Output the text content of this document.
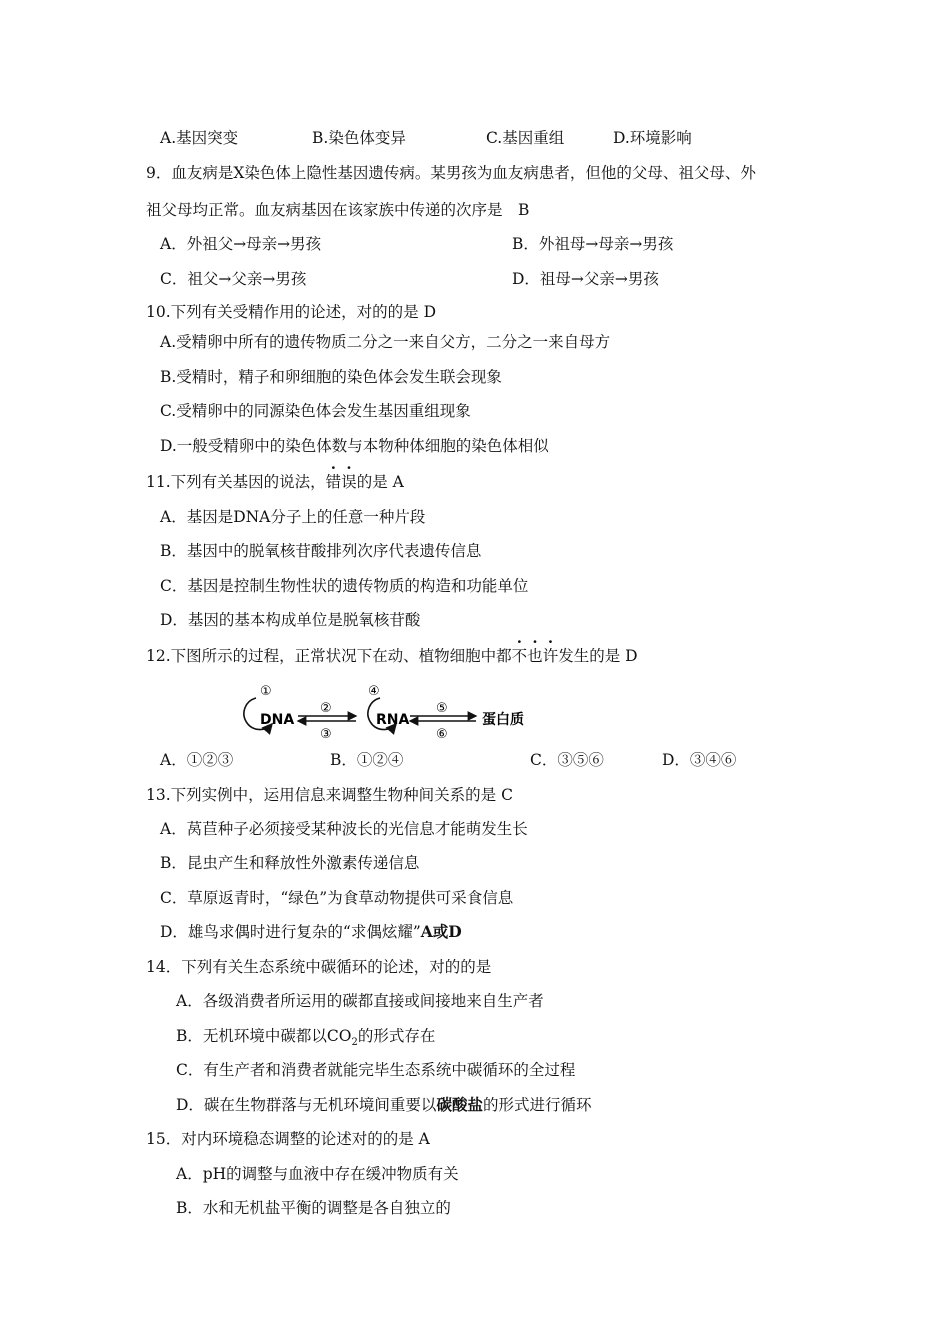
A.基因突变	B.染色体变异	C.基因重组	D.环境影响
9．血友病是X染色体上隐性基因遗传病。某男孩为血友病患者，但他的父母、祖父母、外
祖父母均正常。血友病基因在该家族中传递的次序是　B
A．外祖父→母亲→男孩	B．外祖母→母亲→男孩
C．祖父→父亲→男孩	D．祖母→父亲→男孩
10.下列有关受精作用的论述，对的的是 D
A.受精卵中所有的遗传物质二分之一来自父方，二分之一来自母方
B.受精时，精子和卵细胞的染色体会发生联会现象
C.受精卵中的同源染色体会发生基因重组现象
D.一般受精卵中的染色体数与本物种体细胞的染色体相似
11.下列有关基因的说法，错误的是 A
A．基因是DNA分子上的任意一种片段
B．基因中的脱氧核苷酸排列次序代表遗传信息
C．基因是控制生物性状的遗传物质的构造和功能单位
D．基因的基本构成单位是脱氧核苷酸
12.下图所示的过程，正常状况下在动、植物细胞中都不也许发生的是 D
①
DNA
②
③
④
RNA
⑤
⑥
蛋白质
A．①②③	B．①②④	C．③⑤⑥	D．③④⑥
13.下列实例中，运用信息来调整生物种间关系的是 C
A．莴苣种子必须接受某种波长的光信息才能萌发生长
B．昆虫产生和释放性外激素传递信息
C．草原返青时，“绿色”为食草动物提供可采食信息
D．雄鸟求偶时进行复杂的“求偶炫耀”A或D
14．下列有关生态系统中碳循环的论述，对的的是
A．各级消费者所运用的碳都直接或间接地来自生产者
B．无机环境中碳都以$CO_2$的形式存在
C．有生产者和消费者就能完毕生态系统中碳循环的全过程
D．碳在生物群落与无机环境间重要以碳酸盐的形式进行循环
15．对内环境稳态调整的论述对的的是 A
A．pH的调整与血液中存在缓冲物质有关
B．水和无机盐平衡的调整是各自独立的
